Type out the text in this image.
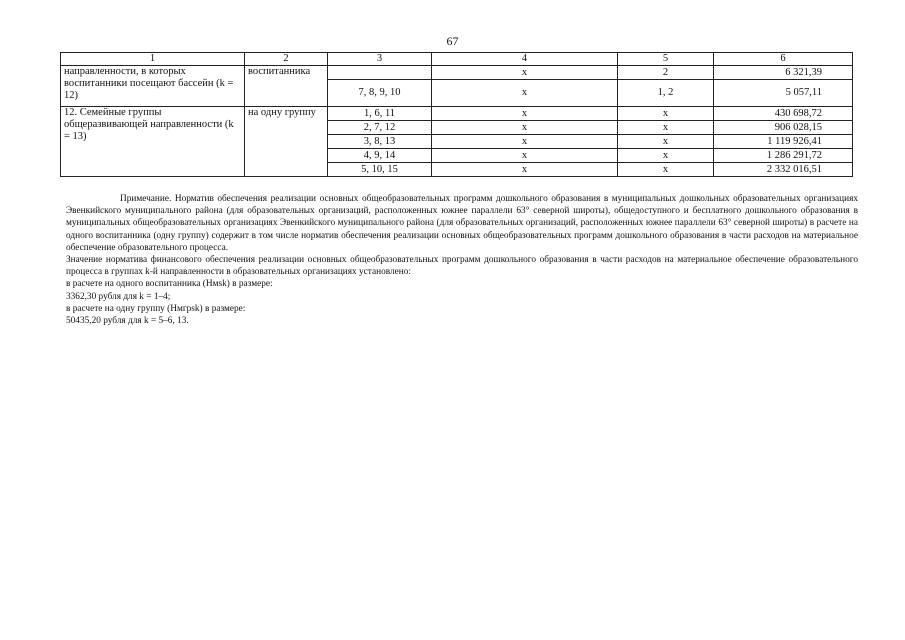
67
1	2	3	4	5	6
направленности, в которых воспитанники посещают бассейн (k = 12)	воспитанника		х	2	6 321,39
		7, 8, 9, 10	х	1, 2	5 057,11
12. Семейные группы общеразвивающей направленности (k = 13)	на одну группу	1, 6, 11	х	х	430 698,72
		2, 7, 12	х	х	906 028,15
		3, 8, 13	х	х	1 119 926,41
		4, 9, 14	х	х	1 286 291,72
		5, 10, 15	х	х	2 332 016,51

Примечание. Норматив обеспечения реализации основных общеобразовательных программ дошкольного образования в муниципальных дошкольных образовательных организациях Эвенкийского муниципального района (для образовательных организаций, расположенных южнее параллели 63° северной широты), общедоступного и бесплатного дошкольного образования в муниципальных общеобразовательных организациях Эвенкийского муниципального района (для образовательных организаций, расположенных южнее параллели 63° северной широты) в расчете на одного воспитанника (одну группу) содержит в том числе норматив обеспечения реализации основных общеобразовательных программ дошкольного образования в части расходов на материальное обеспечение образовательного процесса.

Значение норматива финансового обеспечения реализации основных общеобразовательных программ дошкольного образования в части расходов на материальное обеспечение образовательного процесса в группах k-й направленности в образовательных организациях установлено:

в расчете на одного воспитанника (Нмsk) в размере:

3362,30 рубля для k = 1–4;

в расчете на одну группу (Нмгрsk) в размере:

50435,20 рубля для k = 5–6, 13.
